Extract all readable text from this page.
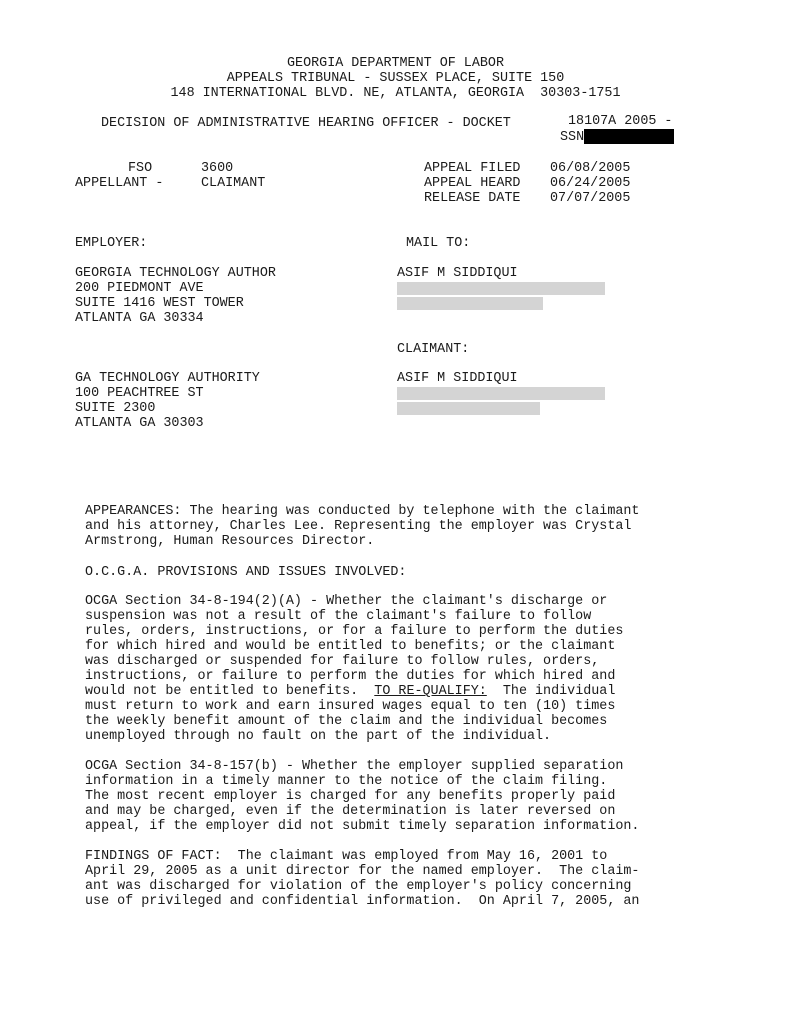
GEORGIA DEPARTMENT OF LABOR
APPEALS TRIBUNAL - SUSSEX PLACE, SUITE 150
148 INTERNATIONAL BLVD. NE, ATLANTA, GEORGIA  30303-1751
DECISION OF ADMINISTRATIVE HEARING OFFICER - DOCKET	18107A 2005 -
SSN
FSO	3600
APPELLANT -	CLAIMANT
APPEAL FILED 06/08/2005
APPEAL HEARD 06/24/2005
RELEASE DATE 07/07/2005
EMPLOYER:	MAIL TO:
GEORGIA TECHNOLOGY AUTHOR
200 PIEDMONT AVE
SUITE 1416 WEST TOWER
ATLANTA GA 30334
ASIF M SIDDIQUI
CLAIMANT:
GA TECHNOLOGY AUTHORITY
100 PEACHTREE ST
SUITE 2300
ATLANTA GA 30303
ASIF M SIDDIQUI
APPEARANCES: The hearing was conducted by telephone with the claimant
and his attorney, Charles Lee. Representing the employer was Crystal
Armstrong, Human Resources Director.
O.C.G.A. PROVISIONS AND ISSUES INVOLVED:
OCGA Section 34-8-194(2)(A) - Whether the claimant's discharge or
suspension was not a result of the claimant's failure to follow
rules, orders, instructions, or for a failure to perform the duties
for which hired and would be entitled to benefits; or the claimant
was discharged or suspended for failure to follow rules, orders,
instructions, or failure to perform the duties for which hired and
would not be entitled to benefits.  TO RE-QUALIFY:  The individual
must return to work and earn insured wages equal to ten (10) times
the weekly benefit amount of the claim and the individual becomes
unemployed through no fault on the part of the individual.
OCGA Section 34-8-157(b) - Whether the employer supplied separation
information in a timely manner to the notice of the claim filing.
The most recent employer is charged for any benefits properly paid
and may be charged, even if the determination is later reversed on
appeal, if the employer did not submit timely separation information.
FINDINGS OF FACT:  The claimant was employed from May 16, 2001 to
April 29, 2005 as a unit director for the named employer.  The claim-
ant was discharged for violation of the employer's policy concerning
use of privileged and confidential information.  On April 7, 2005, an
